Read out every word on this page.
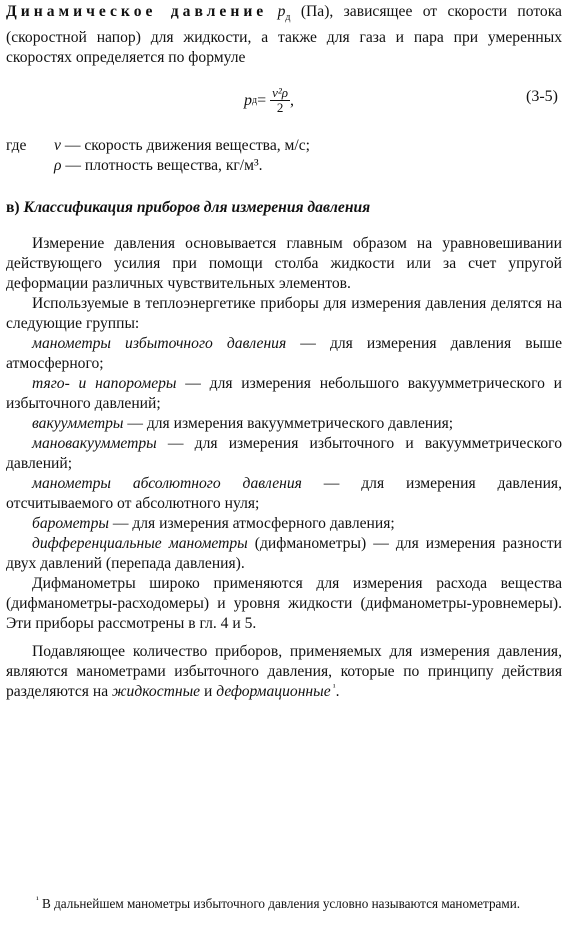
Динамическое давление $р_д$ (Па), зависящее от скорости потока (скоростной напор) для жидкости, а также для газа и пара при умеренных скоростях определяется по формуле

р $д = \frac{\text{v²ρ}}{2}$ ,	(3-5)
где	v — скорость движения вещества, м/с;
ρ — плотность вещества, кг/м³.

в) Классификация приборов для измерения давления

Измерение давления основывается главным образом на уравновешивании действующего усилия при помощи столба жидкости или за счет упругой деформации различных чувствительных элементов.

Используемые в теплоэнергетике приборы для измерения давления делятся на следующие группы:

манометры избыточного давления — для измерения давления выше атмосферного;

тяго- и напоромеры — для измерения небольшого вакуумметрического и избыточного давлений;

вакуумметры — для измерения вакуумметрического давления;

мановакуумметры — для измерения избыточного и вакуумметрического давлений;

манометры абсолютного давления — для измерения давления, отсчитываемого от абсолютного нуля;

барометры — для измерения атмосферного давления;

дифференциальные манометры (дифманометры) — для измерения разности двух давлений (перепада давления).

Дифманометры широко применяются для измерения расхода вещества (дифманометры-расходомеры) и уровня жидкости (дифманометры-уровнемеры). Эти приборы рассмотрены в гл. 4 и 5.

Подавляющее количество приборов, применяемых для измерения давления, являются манометрами избыточного давления, которые по принципу действия разделяются на жидкостные и деформационные $^{^1}$.

$^{^1}$ В дальнейшем манометры избыточного давления условно называются манометрами.
